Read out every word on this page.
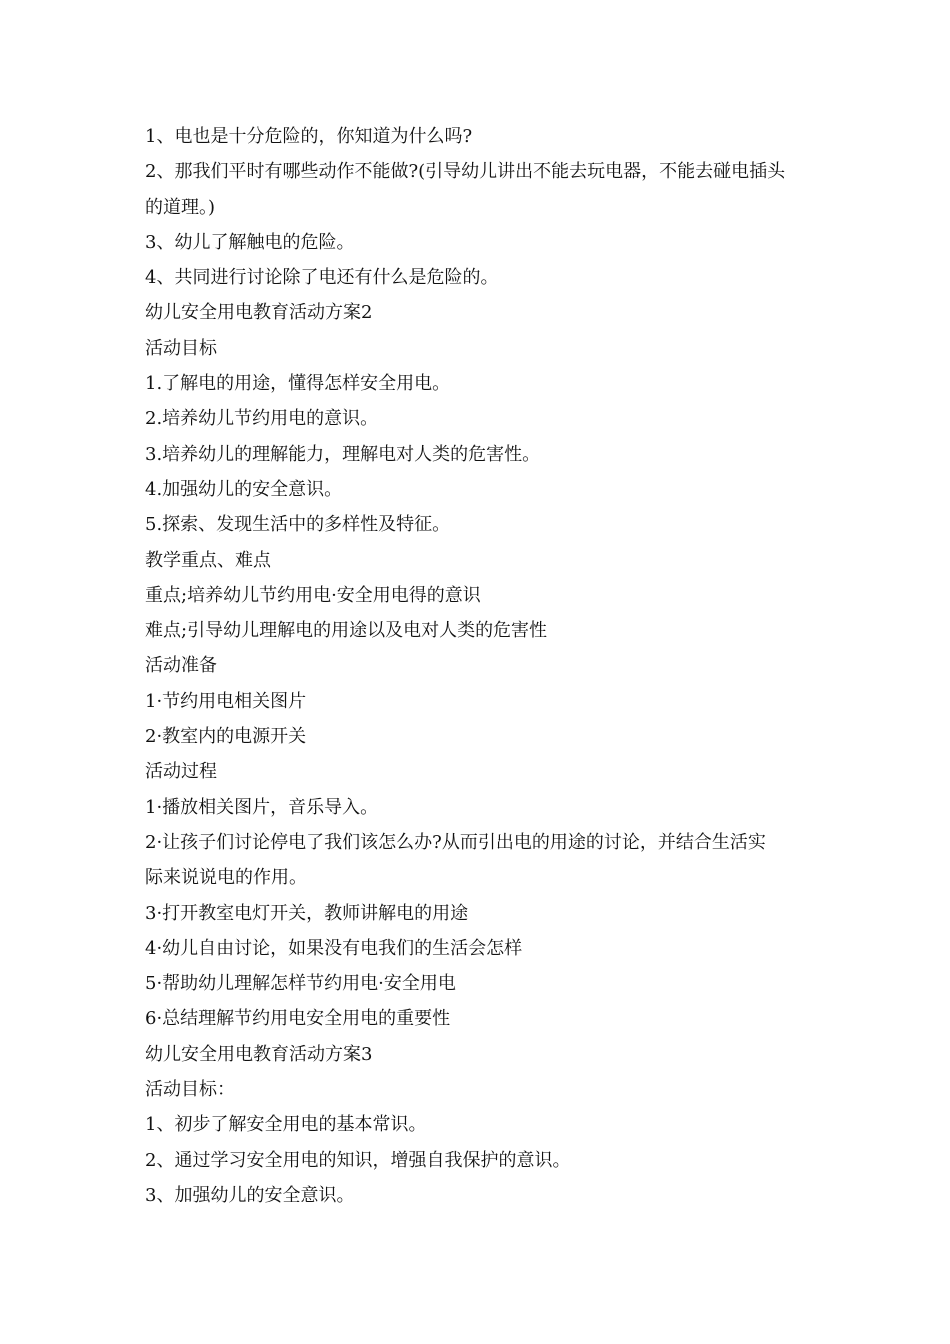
1、电也是十分危险的，你知道为什么吗?

2、那我们平时有哪些动作不能做?(引导幼儿讲出不能去玩电器，不能去碰电插头

的道理。)

3、幼儿了解触电的危险。

4、共同进行讨论除了电还有什么是危险的。

幼儿安全用电教育活动方案2

活动目标

1.了解电的用途，懂得怎样安全用电。

2.培养幼儿节约用电的意识。

3.培养幼儿的理解能力，理解电对人类的危害性。

4.加强幼儿的安全意识。

5.探索、发现生活中的多样性及特征。

教学重点、难点

重点;培养幼儿节约用电·安全用电得的意识

难点;引导幼儿理解电的用途以及电对人类的危害性

活动准备

1·节约用电相关图片

2·教室内的电源开关

活动过程

1·播放相关图片，音乐导入。

2·让孩子们讨论停电了我们该怎么办?从而引出电的用途的讨论，并结合生活实

际来说说电的作用。

3·打开教室电灯开关，教师讲解电的用途

4·幼儿自由讨论，如果没有电我们的生活会怎样

5·帮助幼儿理解怎样节约用电·安全用电

6·总结理解节约用电安全用电的重要性

幼儿安全用电教育活动方案3

活动目标：

1、初步了解安全用电的基本常识。

2、通过学习安全用电的知识，增强自我保护的意识。

3、加强幼儿的安全意识。
